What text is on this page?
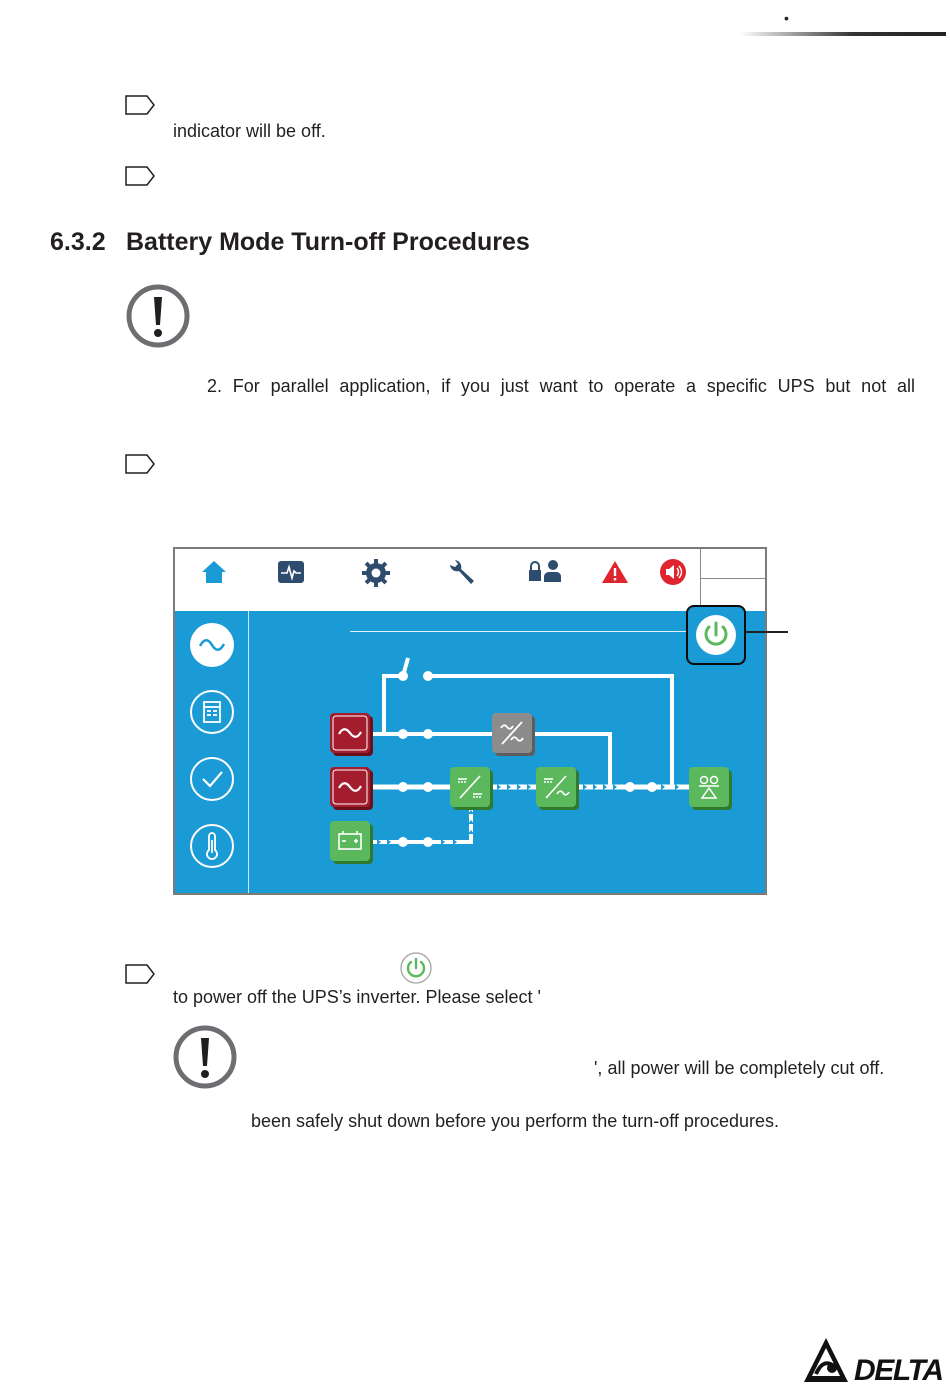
•
indicator will be off.
6.3.2 Battery Mode Turn-off Procedures
2. For parallel application, if you just want to operate a specific UPS but not all
to power off the UPS’s inverter. Please select '
', all power will be completely cut off.
been safely shut down before you perform the turn-off procedures.
DELTA
